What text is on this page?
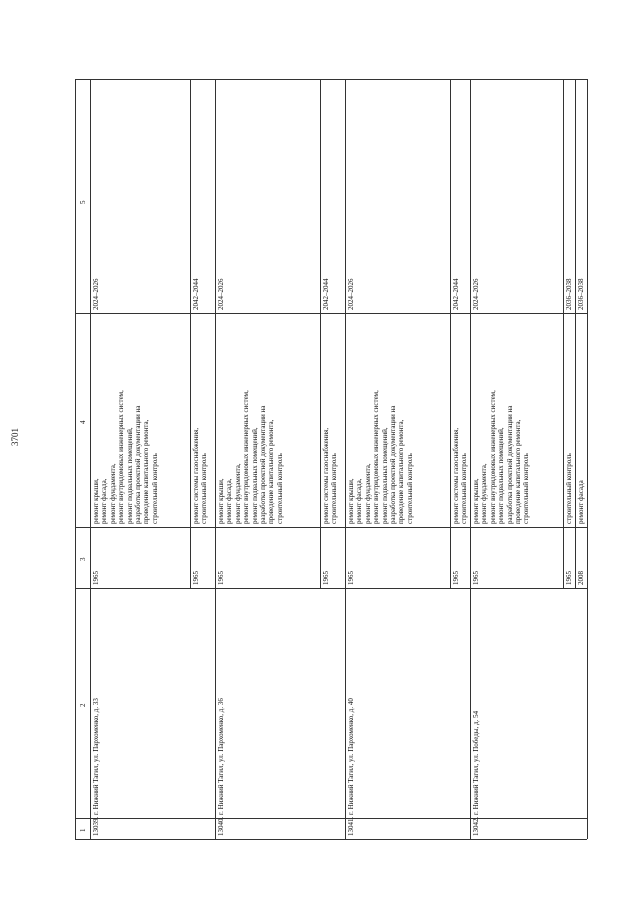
3701
1
2
3
4
5
13039.
г. Нижний Тагил, ул. Пархоменко, д. 33
1965
ремонт крыши,
ремонт фасада,
ремонт фундамента,
ремонт внутридомовых инженерных систем,
ремонт подвальных помещений,
разработка проектной документации на
проведение капитального ремонта,
строительный контроль
2024–2026
1965
ремонт системы газоснабжения,
строительный контроль
2042–2044
13040.
г. Нижний Тагил, ул. Пархоменко, д. 36
1965
ремонт крыши,
ремонт фасада,
ремонт фундамента,
ремонт внутридомовых инженерных систем,
ремонт подвальных помещений,
разработка проектной документации на
проведение капитального ремонта,
строительный контроль
2024–2026
1965
ремонт системы газоснабжения,
строительный контроль
2042–2044
13041.
г. Нижний Тагил, ул. Пархоменко, д. 40
1965
ремонт крыши,
ремонт фасада,
ремонт фундамента,
ремонт внутридомовых инженерных систем,
ремонт подвальных помещений,
разработка проектной документации на
проведение капитального ремонта,
строительный контроль
2024–2026
1965
ремонт системы газоснабжения,
строительный контроль
2042–2044
13042.
г. Нижний Тагил, ул. Победы, д. 54
1965
ремонт крыши,
ремонт фундамента,
ремонт внутридомовых инженерных систем,
ремонт подвальных помещений,
разработка проектной документации на
проведение капитального ремонта,
строительный контроль
2024–2026
1965
строительный контроль
2036–2038
2008
ремонт фасада
2036–2038
